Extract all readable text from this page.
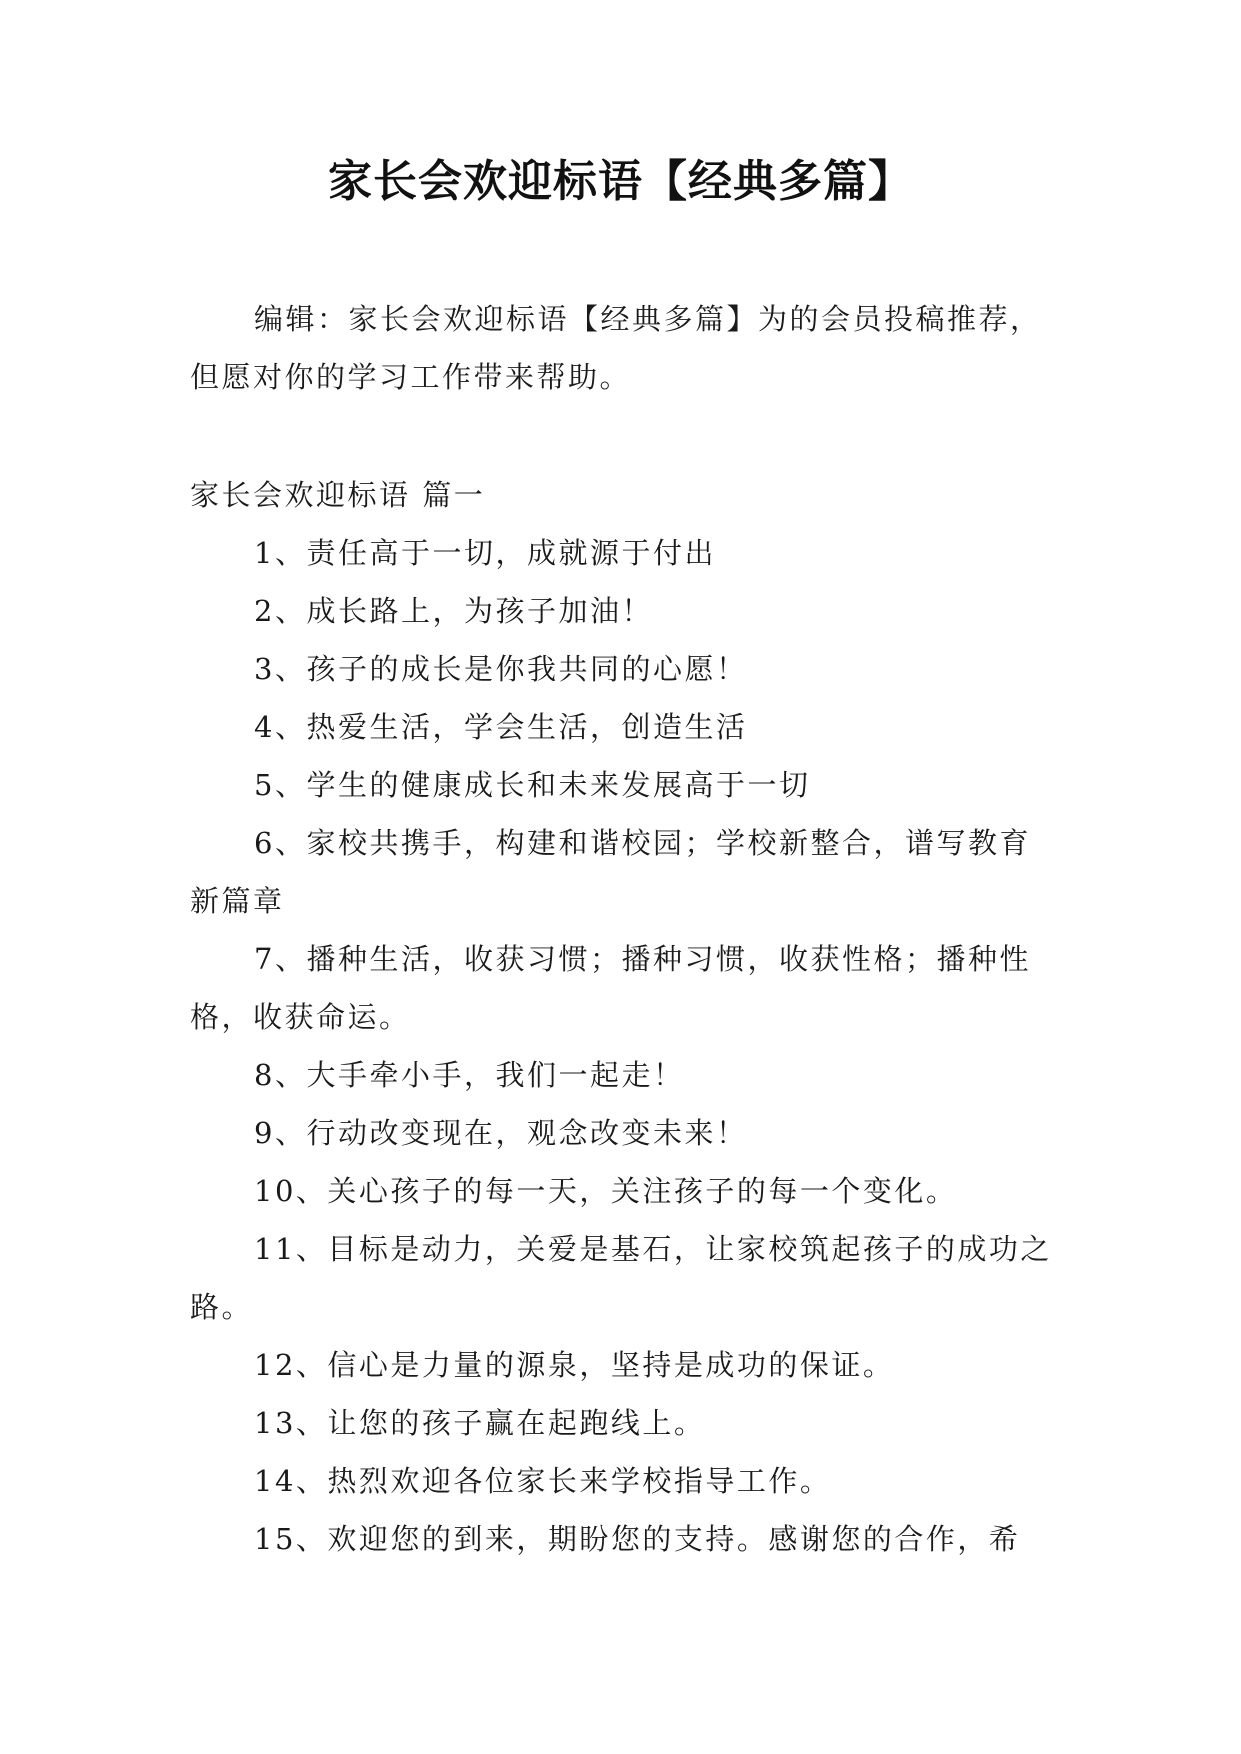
家长会欢迎标语【经典多篇】

编辑：家长会欢迎标语【经典多篇】为的会员投稿推荐，但愿对你的学习工作带来帮助。

家长会欢迎标语 篇一

1、责任高于一切，成就源于付出

2、成长路上，为孩子加油！

3、孩子的成长是你我共同的心愿！

4、热爱生活，学会生活，创造生活

5、学生的健康成长和未来发展高于一切

6、家校共携手，构建和谐校园；学校新整合，谱写教育新篇章

7、播种生活，收获习惯；播种习惯，收获性格；播种性格，收获命运。

8、大手牵小手，我们一起走！

9、行动改变现在，观念改变未来！

10、关心孩子的每一天，关注孩子的每一个变化。

11、目标是动力，关爱是基石，让家校筑起孩子的成功之路。

12、信心是力量的源泉，坚持是成功的保证。

13、让您的孩子赢在起跑线上。

14、热烈欢迎各位家长来学校指导工作。

15、欢迎您的到来，期盼您的支持。感谢您的合作，希
